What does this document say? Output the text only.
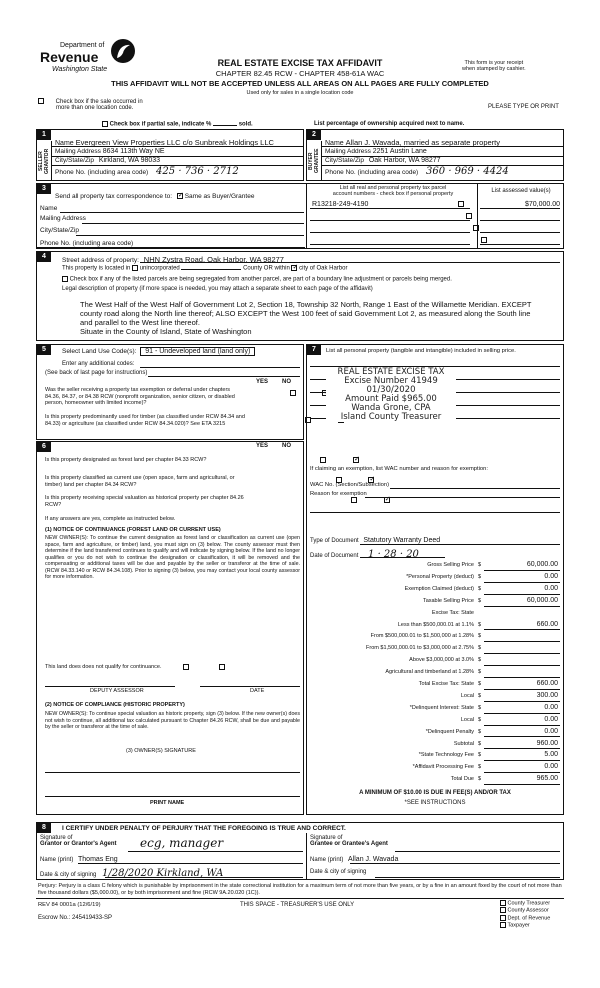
Department of
Revenue
Washington State
REAL ESTATE EXCISE TAX AFFIDAVIT
CHAPTER 82.45 RCW - CHAPTER 458-61A WAC
THIS AFFIDAVIT WILL NOT BE ACCEPTED UNLESS ALL AREAS ON ALL PAGES ARE FULLY COMPLETED
Used only for sales in a single location code
This form is your receipt
when stamped by cashier.
PLEASE TYPE OR PRINT
Check box if the sale occurred in
more than one location code.
Check box if partial sale, indicate %	sold.	List percentage of ownership acquired next to name.
1
SELLER GRANTOR
Name Evergreen View Properties LLC c/o Sunbreak Holdings LLC
Mailing Address 8634 113th Way NE
City/State/Zip Kirkland, WA 98033
Phone No. (including area code) 425 · 736 · 2712
2
BUYER GRANTEE
Name Allan J. Wavada, married as separate property
Mailing Address 2251 Austin Lane
City/State/Zip Oak Harbor, WA 98277
Phone No. (including area code) 360 · 969 · 4424
3
Send all property tax correspondence to: ✓ Same as Buyer/Grantee
Name
Mailing Address
City/State/Zip
Phone No. (including area code)
List all real and personal property tax parcel
account numbers - check box if personal property	List assessed value(s)
R13218-249-4190	$70,000.00

4
Street address of property: NHN Zystra Road, Oak Harbor, WA 98277
This property is located in unincorporated	County OR within ✓ city of Oak Harbor
Check box if any of the listed parcels are being segregated from another parcel, are part of a boundary line adjustment or parcels being merged.
Legal description of property (if more space is needed, you may attach a separate sheet to each page of the affidavit)
The West Half of the West Half of Government Lot 2, Section 18, Township 32 North, Range 1 East of the Willamette Meridian. EXCEPT
county road along the North line thereof; ALSO EXCEPT the West 100 feet of said Government Lot 2, as measured along the South line
and parallel to the West line thereof.
Situate in the County of Island, State of Washington
5	Select Land Use Code(s): 91 - Undeveloped land (land only)
Enter any additional codes:
(See back of last page for instructions)
YES NO
Was the seller receiving a property tax exemption or deferral under chapters 84.36, 84.37, or 84.38 RCW (nonprofit organization, senior citizen, or disabled person, homeowner with limited income)?
✓
Is this property predominantly used for timber (as classified under RCW 84.34 and 84.33) or agriculture (as classified under RCW 84.34.020)? See ETA 3215
✓
6	YES NO
Is this property designated as forest land per chapter 84.33 RCW?
✓
Is this property classified as current use (open space, farm and agricultural, or timber) land per chapter 84.34 RCW?
✓
Is this property receiving special valuation as historical property per chapter 84.26 RCW?
✓
If any answers are yes, complete as instructed below.
(1) NOTICE OF CONTINUANCE (FOREST LAND OR CURRENT USE)
NEW OWNER(S): To continue the current designation as forest land or classification as current use (open space, farm and agriculture, or timber) land, you must sign on (3) below. The county assessor must then determine if the land transferred continues to qualify and will indicate by signing below. If the land no longer qualifies or you do not wish to continue the designation or classification, it will be removed and the compensating or additional taxes will be due and payable by the seller or transferor at the time of sale. (RCW 84.33.140 or RCW 84.34.108). Prior to signing (3) below, you may contact your local county assessor for more information.
This land does does not qualify for continuance.

DEPUTY ASSESSOR	DATE
(2) NOTICE OF COMPLIANCE (HISTORIC PROPERTY)
NEW OWNER(S): To continue special valuation as historic property, sign (3) below. If the new owner(s) does not wish to continue, all additional tax calculated pursuant to Chapter 84.26 RCW, shall be due and payable by the seller or transferor at the time of sale.
(3) OWNER(S) SIGNATURE
PRINT NAME
7	List all personal property (tangible and intangible) included in selling price.
REAL ESTATE EXCISE TAX
Excise Number 41949
01/30/2020
Amount Paid $965.00
Wanda Grone, CPA
Island County Treasurer
If claiming an exemption, list WAC number and reason for exemption:
WAC No. (Section/Subsection)
Reason for exemption
Type of Document Statutory Warranty Deed
Date of Document 1 · 28 · 20
Gross Selling Price $	60,000.00
*Personal Property (deduct) $	0.00
Exemption Claimed (deduct) $	0.00
Taxable Selling Price $	60,000.00
Excise Tax: State
Less than $500,000.01 at 1.1% $	660.00
From $500,000.01 to $1,500,000 at 1.28% $
From $1,500,000.01 to $3,000,000 at 2.75% $
Above $3,000,000 at 3.0% $
Agricultural and timberland at 1.28% $
Total Excise Tax: State $	660.00
Local $	300.00
*Delinquent Interest: State $	0.00
Local $	0.00
*Delinquent Penalty $	0.00
Subtotal $	960.00
*State Technology Fee $	5.00
*Affidavit Processing Fee $	0.00
Total Due $	965.00
A MINIMUM OF $10.00 IS DUE IN FEE(S) AND/OR TAX
*SEE INSTRUCTIONS
8	I CERTIFY UNDER PENALTY OF PERJURY THAT THE FOREGOING IS TRUE AND CORRECT.
Signature of
Grantor or Grantor's Agent ecg, manager
Name (print) Thomas Eng
Date & city of signing 1/28/2020 Kirkland, WA
Signature of
Grantee or Grantee's Agent
Name (print) Allan J. Wavada
Date & city of signing
Perjury: Perjury is a class C felony which is punishable by imprisonment in the state correctional institution for a maximum term of not more than five years, or by a fine in an amount fixed by the court of not more than five thousand dollars ($5,000.00), or by both imprisonment and fine (RCW 9A.20.020 (1C)).
REV 84 0001a (12/6/19)	THIS SPACE - TREASURER'S USE ONLY
Escrow No.: 245419433-SP
County Treasurer
County Assessor
Dept. of Revenue
Taxpayer
